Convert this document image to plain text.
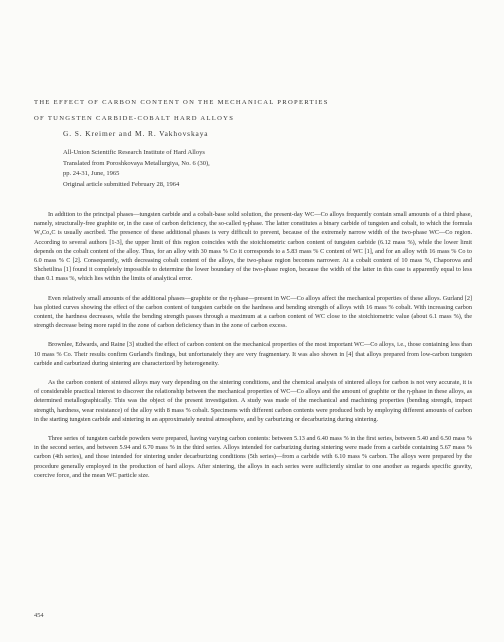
THE EFFECT OF CARBON CONTENT ON THE MECHANICAL PROPERTIES
OF TUNGSTEN CARBIDE-COBALT HARD ALLOYS
G. S. Kreimer and M. R. Vakhovskaya
All-Union Scientific Research Institute of Hard Alloys
Translated from Poroshkovaya Metallurgiya, No. 6 (30),
pp. 24-31, June, 1965
Original article submitted February 28, 1964

In addition to the principal phases—tungsten carbide and a cobalt-base solid solution, the present-day WC—Co alloys frequently contain small amounts of a third phase, namely, structurally-free graphite or, in the case of carbon deficiency, the so-called η-phase. The latter constitutes a binary carbide of tungsten and cobalt, to which the formula W₃Co₃C is usually ascribed. The presence of these additional phases is very difficult to prevent, because of the extremely narrow width of the two-phase WC—Co region. According to several authors [1-3], the upper limit of this region coincides with the stoichiometric carbon content of tungsten carbide (6.12 mass %), while the lower limit depends on the cobalt content of the alloy. Thus, for an alloy with 30 mass % Co it corresponds to a 5.83 mass % C content of WC [1], and for an alloy with 16 mass % Co to 6.0 mass % C [2]. Consequently, with decreasing cobalt content of the alloys, the two-phase region becomes narrower. At a cobalt content of 10 mass %, Chaporova and Shchetilina [1] found it completely impossible to determine the lower boundary of the two-phase region, because the width of the latter in this case is apparently equal to less than 0.1 mass %, which lies within the limits of analytical error.

Even relatively small amounts of the additional phases—graphite or the η-phase—present in WC—Co alloys affect the mechanical properties of these alloys. Gurland [2] has plotted curves showing the effect of the carbon content of tungsten carbide on the hardness and bending strength of alloys with 16 mass % cobalt. With increasing carbon content, the hardness decreases, while the bending strength passes through a maximum at a carbon content of WC close to the stoichiometric value (about 6.1 mass %), the strength decrease being more rapid in the zone of carbon deficiency than in the zone of carbon excess.

Brownlee, Edwards, and Raine [3] studied the effect of carbon content on the mechanical properties of the most important WC—Co alloys, i.e., those containing less than 10 mass % Co. Their results confirm Gurland's findings, but unfortunately they are very fragmentary. It was also shown in [4] that alloys prepared from low-carbon tungsten carbide and carburized during sintering are characterized by heterogeneity.

As the carbon content of sintered alloys may vary depending on the sintering conditions, and the chemical analysis of sintered alloys for carbon is not very accurate, it is of considerable practical interest to discover the relationship between the mechanical properties of WC—Co alloys and the amount of graphite or the η-phase in these alloys, as determined metallographically. This was the object of the present investigation. A study was made of the mechanical and machining properties (bending strength, impact strength, hardness, wear resistance) of the alloy with 8 mass % cobalt. Specimens with different carbon contents were produced both by employing different amounts of carbon in the starting tungsten carbide and sintering in an approximately neutral atmosphere, and by carburizing or decarburizing during sintering.

Three series of tungsten carbide powders were prepared, having varying carbon contents: between 5.13 and 6.40 mass % in the first series, between 5.40 and 6.50 mass % in the second series, and between 5.94 and 6.70 mass % in the third series. Alloys intended for carburizing during sintering were made from a carbide containing 5.67 mass % carbon (4th series), and those intended for sintering under decarburizing conditions (5th series)—from a carbide with 6.10 mass % carbon. The alloys were prepared by the procedure generally employed in the production of hard alloys. After sintering, the alloys in each series were sufficiently similar to one another as regards specific gravity, coercive force, and the mean WC particle size.

454
